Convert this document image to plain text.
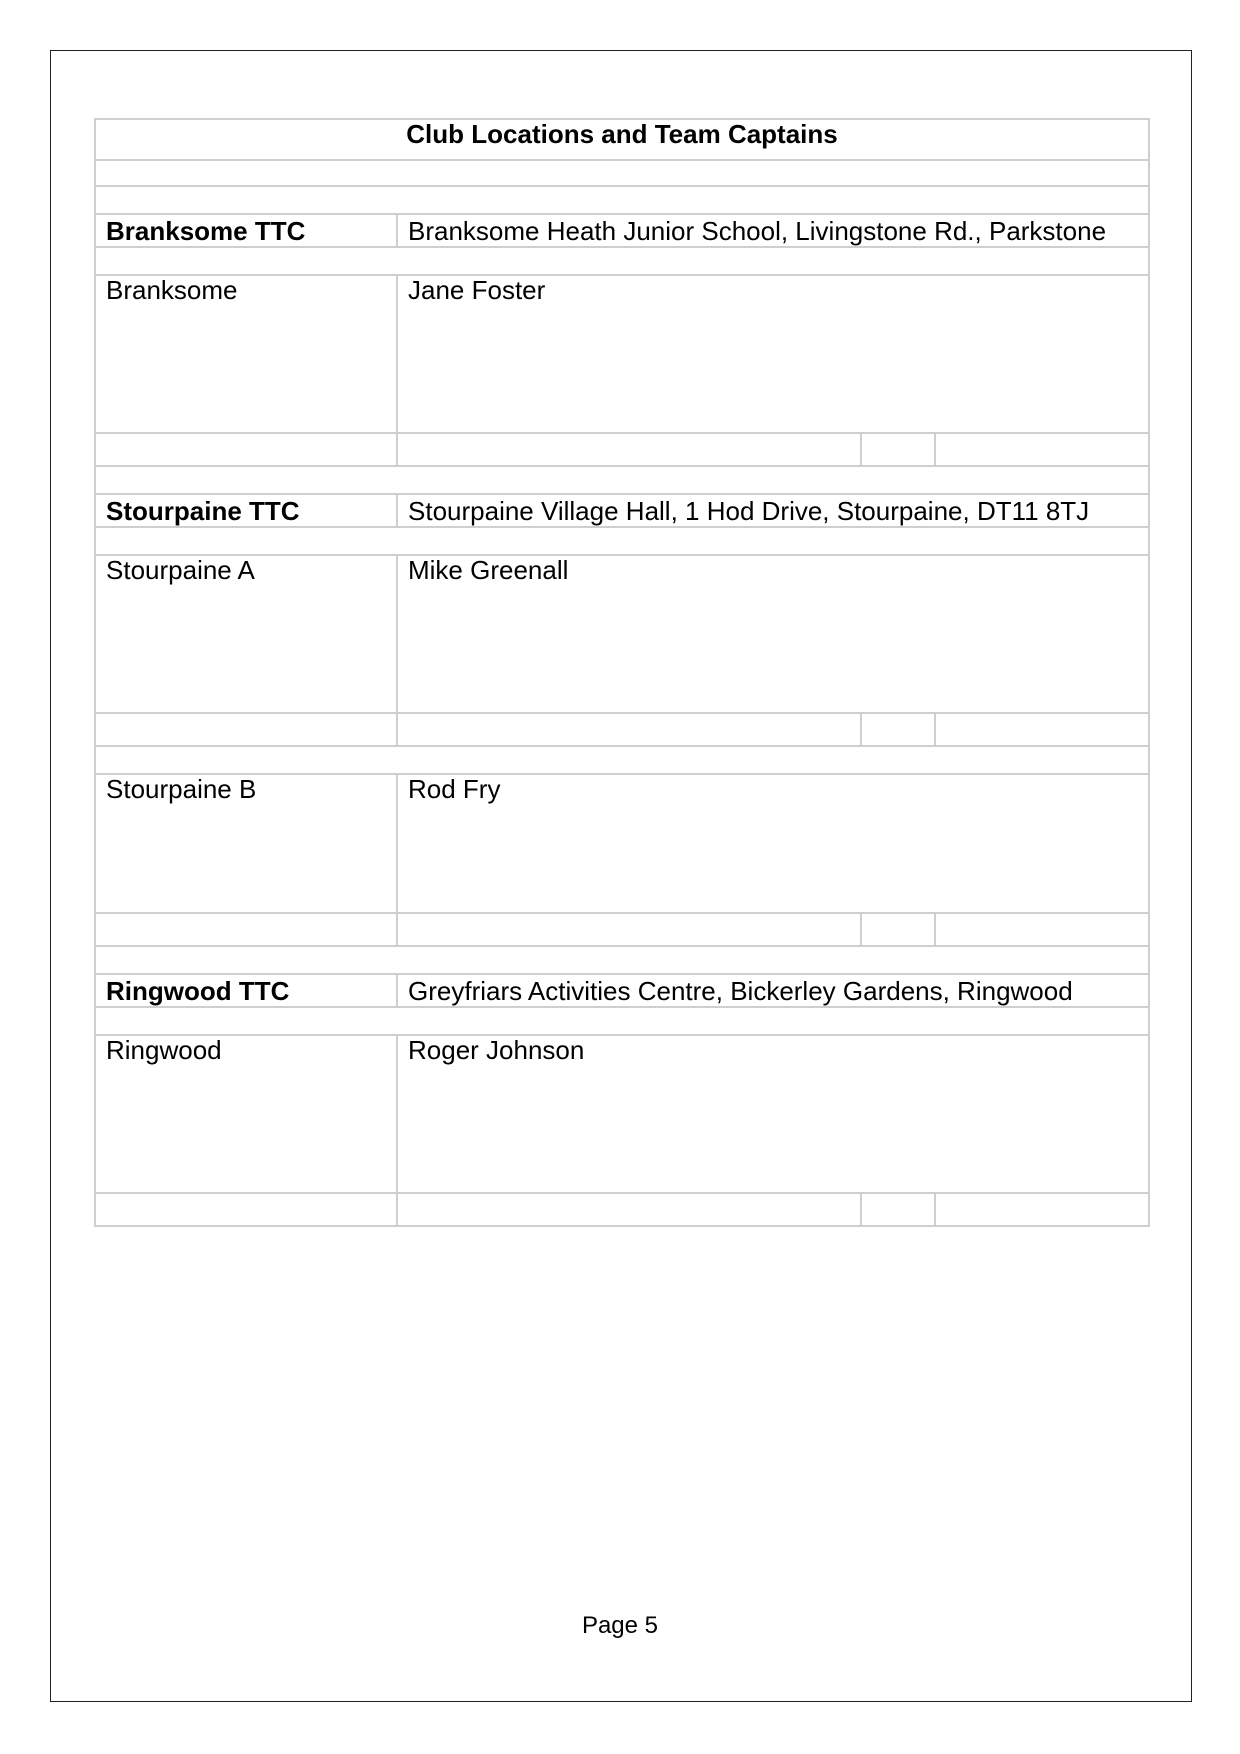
Club Locations and Team Captains			

Branksome TTC	Branksome Heath Junior School, Livingstone Rd., Parkstone		

Branksome	Jane Foster		

Stourpaine TTC	Stourpaine Village Hall, 1 Hod Drive, Stourpaine, DT11 8TJ		

Stourpaine A	Mike Greenall		

Stourpaine B	Rod Fry		

Ringwood TTC	Greyfriars Activities Centre, Bickerley Gardens, Ringwood		

Ringwood	Roger Johnson		

Page 5
